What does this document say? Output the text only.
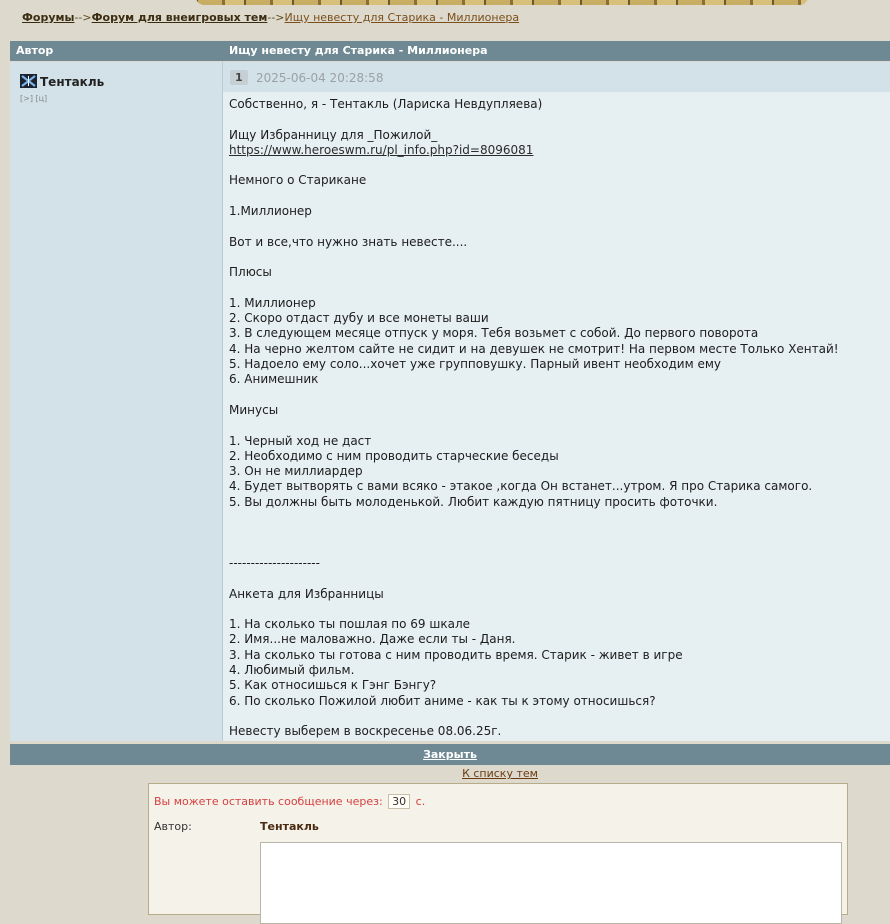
Форумы-->Форум для внеигровых тем-->Ищу невесту для Старика - Миллионера
Автор	Ищу невесту для Старика - Миллионера
Тентакль
[>] [ц]
1	2025-06-04 20:28:58

Собственно, я - Тентакль (Лариска Невдупляева)

Ищу Избранницу для _Пожилой_

https://www.heroeswm.ru/pl_info.php?id=8096081

Немного о Старикане

1.Миллионер

Вот и все,что нужно знать невесте....

Плюсы

1. Миллионер

2. Скоро отдаст дубу и все монеты ваши

3. В следующем месяце отпуск у моря. Тебя возьмет с собой. До первого поворота

4. На черно желтом сайте не сидит и на девушек не смотрит! На первом месте Только Хентай!

5. Надоело ему соло...хочет уже групповушку. Парный ивент необходим ему

6. Анимешник

Минусы

1. Черный ход не даст

2. Необходимо с ним проводить старческие беседы

3. Он не миллиардер

4. Будет вытворять с вами всяко - этакое ,когда Он встанет...утром. Я про Старика самого.

5. Вы должны быть молоденькой. Любит каждую пятницу просить фоточки.

---------------------

Анкета для Избранницы

1. На сколько ты пошлая по 69 шкале

2. Имя...не маловажно. Даже если ты - Даня.

3. На сколько ты готова с ним проводить время. Старик - живет в игре

4. Любимый фильм.

5. Как относишься к Гэнг Бэнгу?

6. По сколько Пожилой любит аниме - как ты к этому относишься?

Невесту выберем в воскресенье 08.06.25г.

Закрыть
К списку тем
Вы можете оставить сообщение через: 30 с.
Автор:	Тентакль
